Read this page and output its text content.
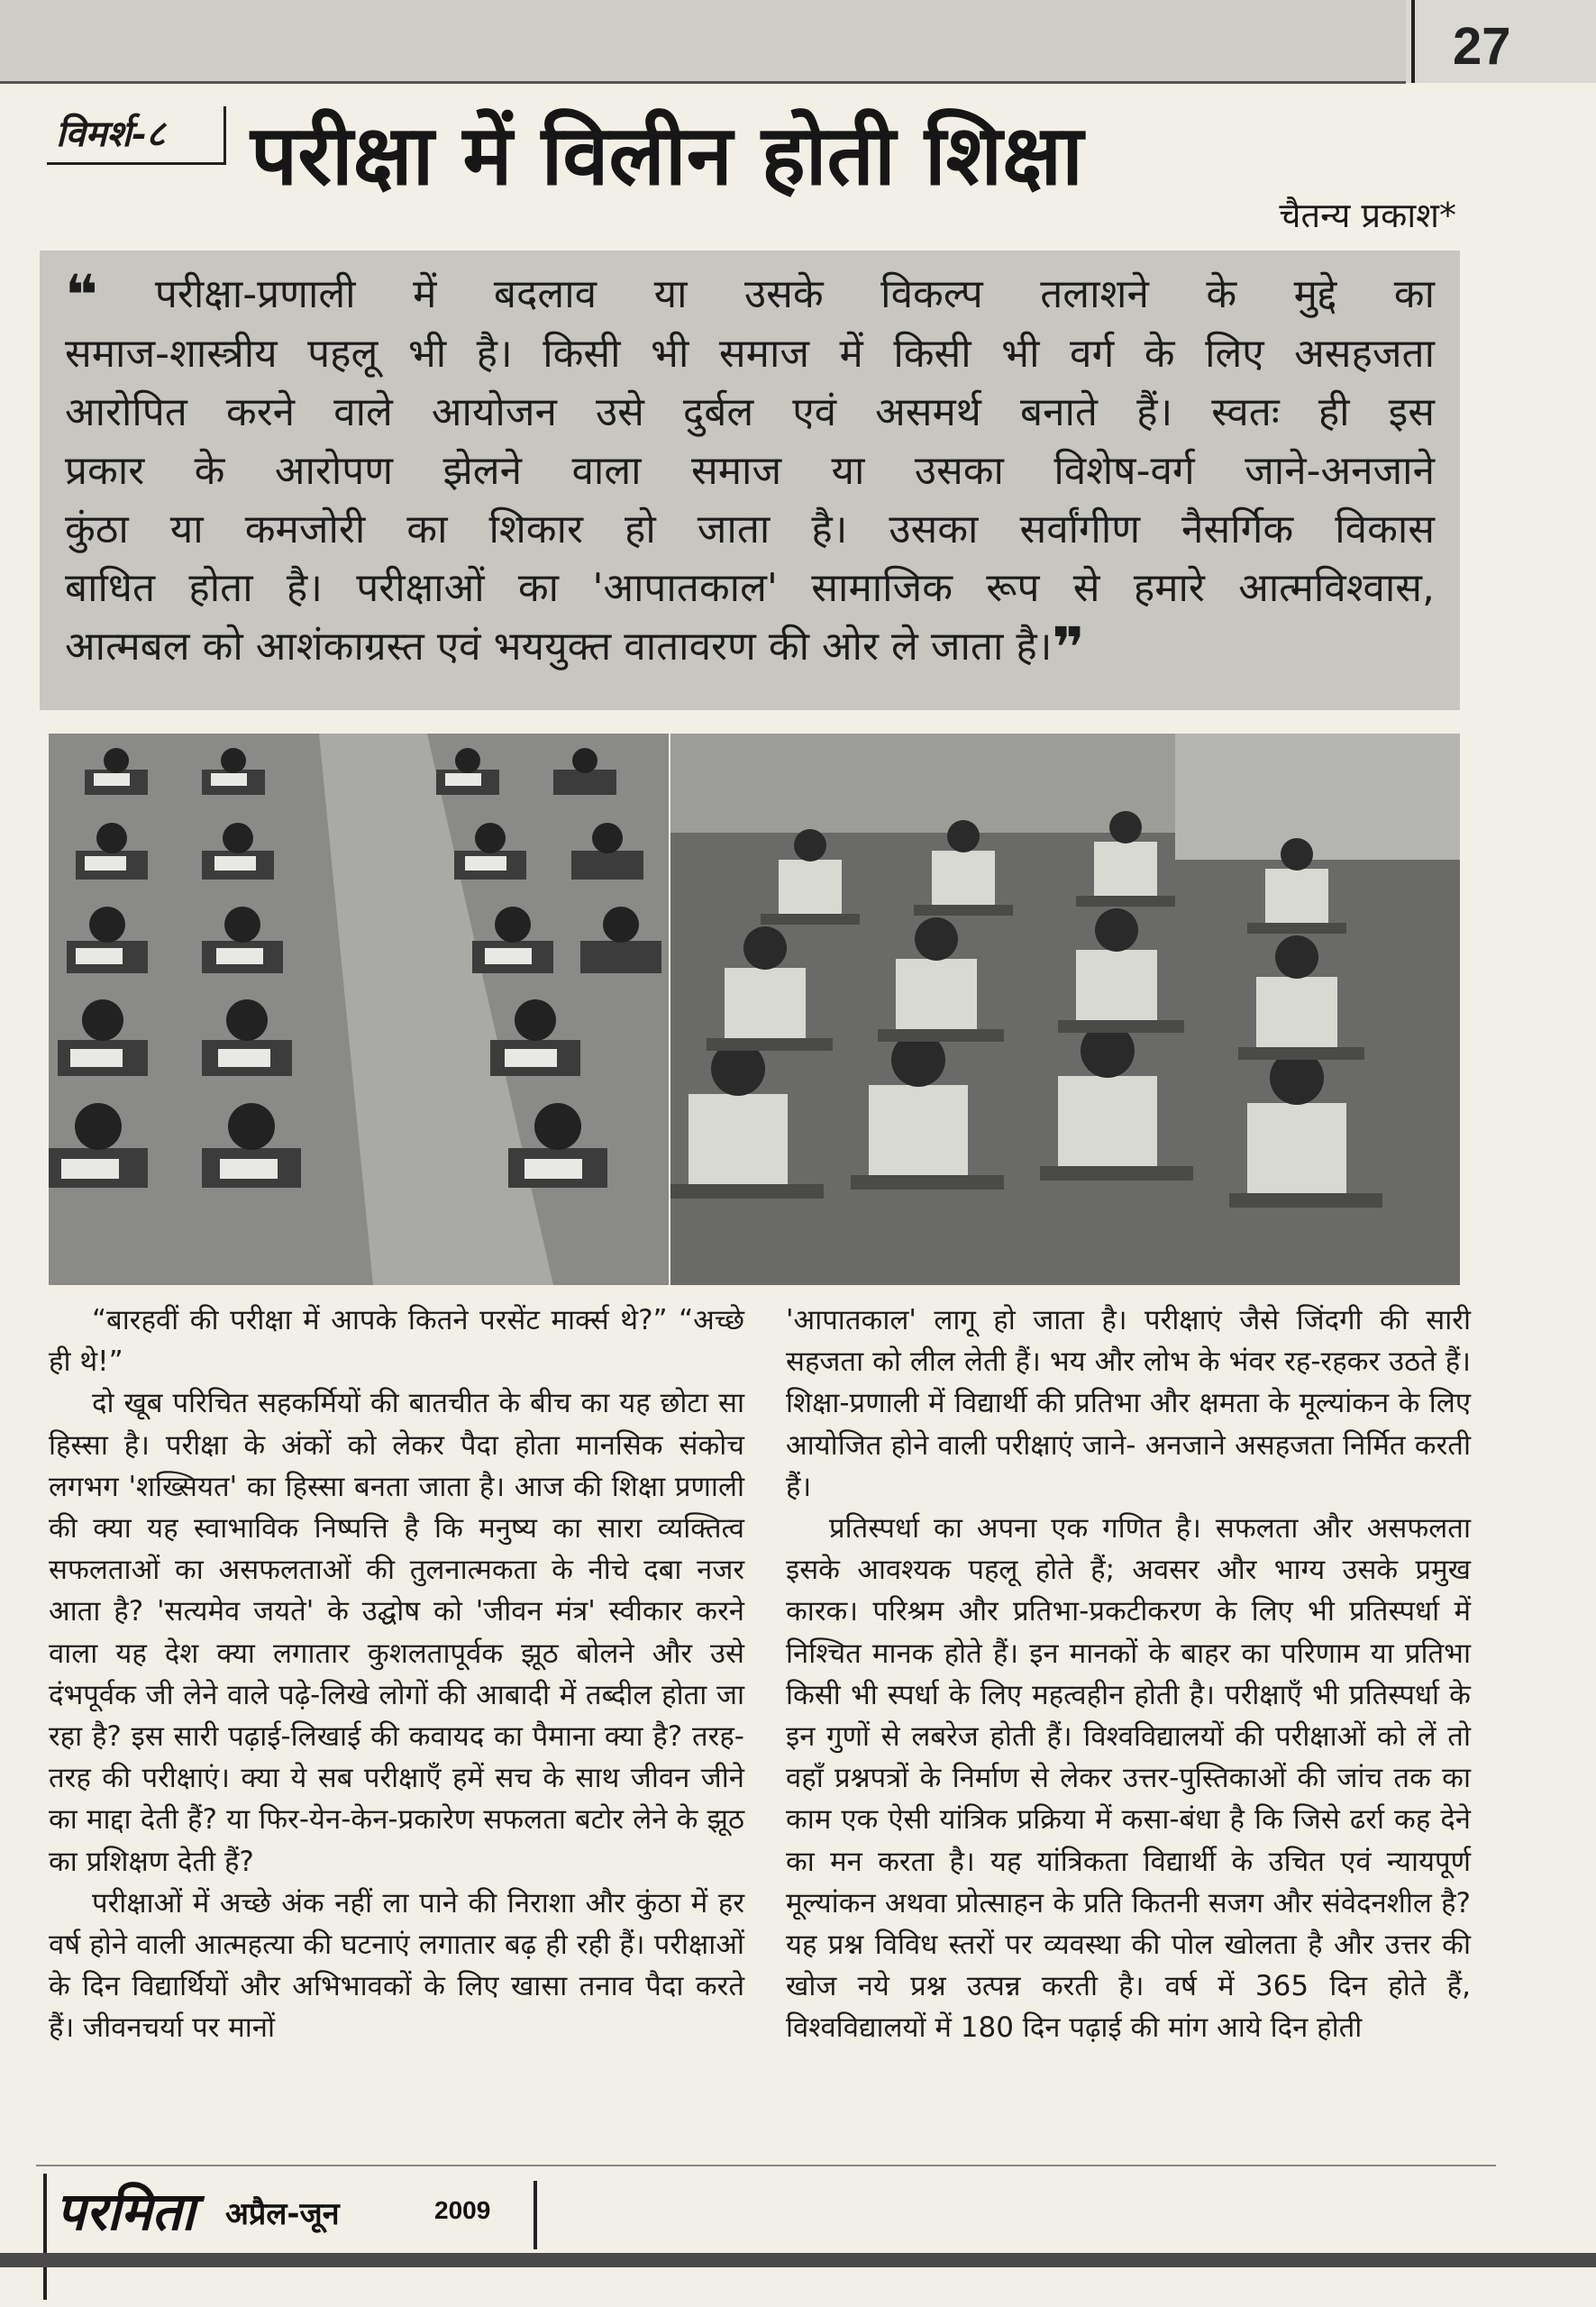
27
विमर्श-८	परीक्षा में विलीन होती शिक्षा
चैतन्य प्रकाश*

❝ परीक्षा-प्रणाली में बदलाव या उसके विकल्प तलाशने के मुद्दे का

समाज-शास्त्रीय पहलू भी है। किसी भी समाज में किसी भी वर्ग के लिए असहजता

आरोपित करने वाले आयोजन उसे दुर्बल एवं असमर्थ बनाते हैं। स्वतः ही इस

प्रकार के आरोपण झेलने वाला समाज या उसका विशेष-वर्ग जाने-अनजाने

कुंठा या कमजोरी का शिकार हो जाता है। उसका सर्वांगीण नैसर्गिक विकास

बाधित होता है। परीक्षाओं का 'आपातकाल' सामाजिक रूप से हमारे आत्मविश्वास,

आत्मबल को आशंकाग्रस्त एवं भययुक्त वातावरण की ओर ले जाता है।❞

“बारहवीं की परीक्षा में आपके कितने परसेंट मार्क्स थे?” “अच्छे ही थे!”

दो खूब परिचित सहकर्मियों की बातचीत के बीच का यह छोटा सा हिस्सा है। परीक्षा के अंकों को लेकर पैदा होता मानसिक संकोच लगभग 'शख्सियत' का हिस्सा बनता जाता है। आज की शिक्षा प्रणाली की क्या यह स्वाभाविक निष्पत्ति है कि मनुष्य का सारा व्यक्तित्व सफलताओं का असफलताओं की तुलनात्मकता के नीचे दबा नजर आता है? 'सत्यमेव जयते' के उद्घोष को 'जीवन मंत्र' स्वीकार करने वाला यह देश क्या लगातार कुशलतापूर्वक झूठ बोलने और उसे दंभपूर्वक जी लेने वाले पढ़े-लिखे लोगों की आबादी में तब्दील होता जा रहा है? इस सारी पढ़ाई-लिखाई की कवायद का पैमाना क्या है? तरह-तरह की परीक्षाएं। क्या ये सब परीक्षाएँ हमें सच के साथ जीवन जीने का माद्दा देती हैं? या फिर-येन-केन-प्रकारेण सफलता बटोर लेने के झूठ का प्रशिक्षण देती हैं?

परीक्षाओं में अच्छे अंक नहीं ला पाने की निराशा और कुंठा में हर वर्ष होने वाली आत्महत्या की घटनाएं लगातार बढ़ ही रही हैं। परीक्षाओं के दिन विद्यार्थियों और अभिभावकों के लिए खासा तनाव पैदा करते हैं। जीवनचर्या पर मानों

'आपातकाल' लागू हो जाता है। परीक्षाएं जैसे जिंदगी की सारी सहजता को लील लेती हैं। भय और लोभ के भंवर रह-रहकर उठते हैं। शिक्षा-प्रणाली में विद्यार्थी की प्रतिभा और क्षमता के मूल्यांकन के लिए आयोजित होने वाली परीक्षाएं जाने- अनजाने असहजता निर्मित करती हैं।

प्रतिस्पर्धा का अपना एक गणित है। सफलता और असफलता इसके आवश्यक पहलू होते हैं; अवसर और भाग्य उसके प्रमुख कारक। परिश्रम और प्रतिभा-प्रकटीकरण के लिए भी प्रतिस्पर्धा में निश्चित मानक होते हैं। इन मानकों के बाहर का परिणाम या प्रतिभा किसी भी स्पर्धा के लिए महत्वहीन होती है। परीक्षाएँ भी प्रतिस्पर्धा के इन गुणों से लबरेज होती हैं। विश्वविद्यालयों की परीक्षाओं को लें तो वहाँ प्रश्नपत्रों के निर्माण से लेकर उत्तर-पुस्तिकाओं की जांच तक का काम एक ऐसी यांत्रिक प्रक्रिया में कसा-बंधा है कि जिसे ढर्रा कह देने का मन करता है। यह यांत्रिकता विद्यार्थी के उचित एवं न्यायपूर्ण मूल्यांकन अथवा प्रोत्साहन के प्रति कितनी सजग और संवेदनशील है? यह प्रश्न विविध स्तरों पर व्यवस्था की पोल खोलता है और उत्तर की खोज नये प्रश्न उत्पन्न करती है। वर्ष में 365 दिन होते हैं, विश्वविद्यालयों में 180 दिन पढ़ाई की मांग आये दिन होती

परमिता अप्रैल-जून	2009
